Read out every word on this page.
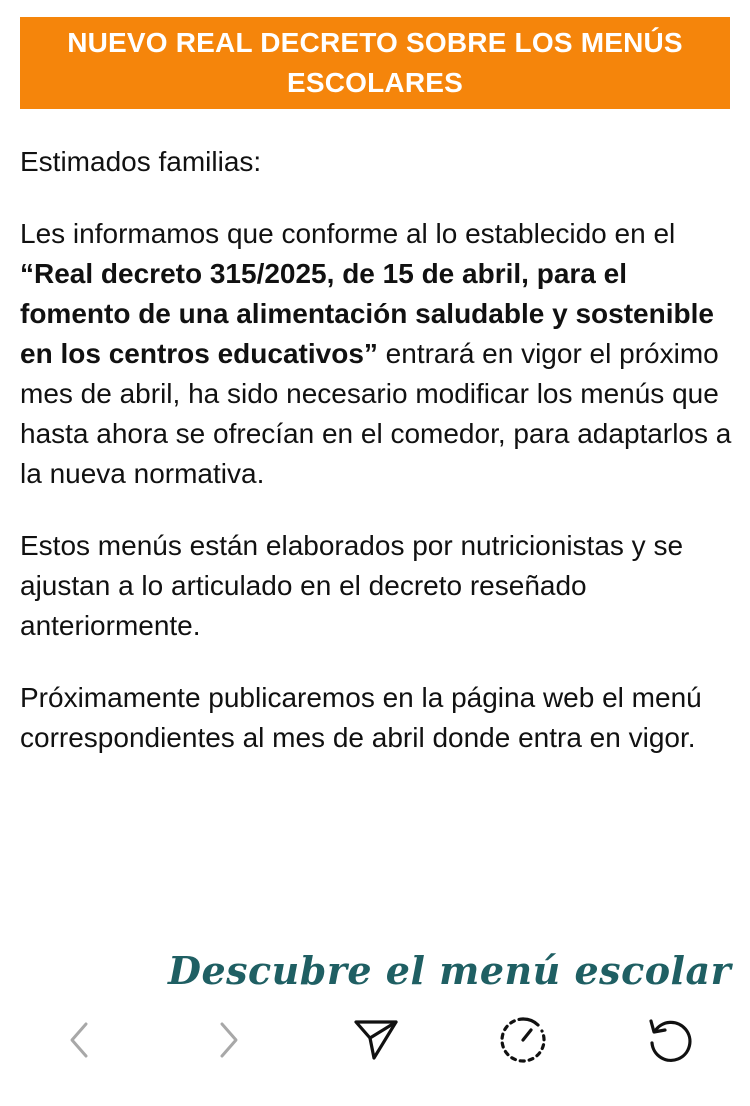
NUEVO REAL DECRETO SOBRE LOS MENÚS ESCOLARES

Estimados familias:

Les informamos que conforme al lo establecido en el “Real decreto 315/2025, de 15 de abril, para el fomento de una alimentación saludable y sostenible en los centros educativos” entrará en vigor el próximo mes de abril, ha sido necesario modificar los menús que hasta ahora se ofrecían en el comedor, para adaptarlos a la nueva normativa.

Estos menús están elaborados por nutricionistas y se ajustan a lo articulado en el decreto reseñado anteriormente.

Próximamente publicaremos en la página web el menú correspondientes al mes de abril donde entra en vigor.

Descubre el menú escolar
